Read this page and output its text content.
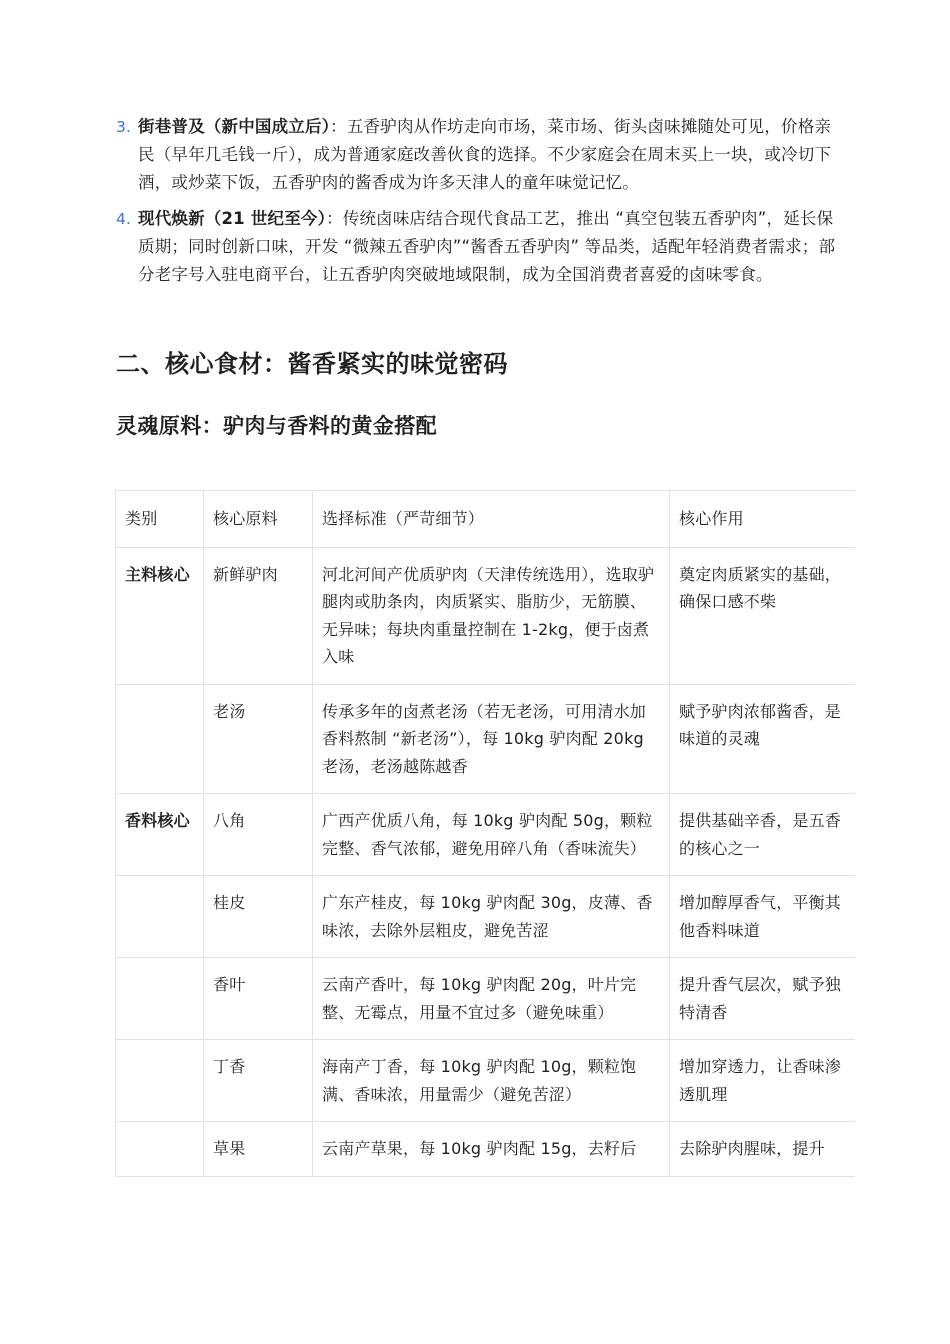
3. 街巷普及（新中国成立后）：五香驴肉从作坊走向市场，菜市场、街头卤味摊随处可见，价格亲民（早年几毛钱一斤），成为普通家庭改善伙食的选择。不少家庭会在周末买上一块，或冷切下酒，或炒菜下饭，五香驴肉的酱香成为许多天津人的童年味觉记忆。
4. 现代焕新（21 世纪至今）：传统卤味店结合现代食品工艺，推出 “真空包装五香驴肉”，延长保质期；同时创新口味，开发 “微辣五香驴肉”“酱香五香驴肉” 等品类，适配年轻消费者需求；部分老字号入驻电商平台，让五香驴肉突破地域限制，成为全国消费者喜爱的卤味零食。
二、核心食材：酱香紧实的味觉密码
灵魂原料：驴肉与香料的黄金搭配
类别	核心原料	选择标准（严苛细节）	核心作用
主料核心	新鲜驴肉	河北河间产优质驴肉（天津传统选用），选取驴腿肉或肋条肉，肉质紧实、脂肪少，无筋膜、无异味；每块肉重量控制在 1-2kg，便于卤煮入味	奠定肉质紧实的基础，确保口感不柴
	老汤	传承多年的卤煮老汤（若无老汤，可用清水加香料熬制 “新老汤”），每 10kg 驴肉配 20kg 老汤，老汤越陈越香	赋予驴肉浓郁酱香，是味道的灵魂
香料核心	八角	广西产优质八角，每 10kg 驴肉配 50g，颗粒完整、香气浓郁，避免用碎八角（香味流失）	提供基础辛香，是五香的核心之一
	桂皮	广东产桂皮，每 10kg 驴肉配 30g，皮薄、香味浓，去除外层粗皮，避免苦涩	增加醇厚香气，平衡其他香料味道
	香叶	云南产香叶，每 10kg 驴肉配 20g，叶片完整、无霉点，用量不宜过多（避免味重）	提升香气层次，赋予独特清香
	丁香	海南产丁香，每 10kg 驴肉配 10g，颗粒饱满、香味浓，用量需少（避免苦涩）	增加穿透力，让香味渗透肌理
	草果	云南产草果，每 10kg 驴肉配 15g，去籽后	去除驴肉腥味，提升
